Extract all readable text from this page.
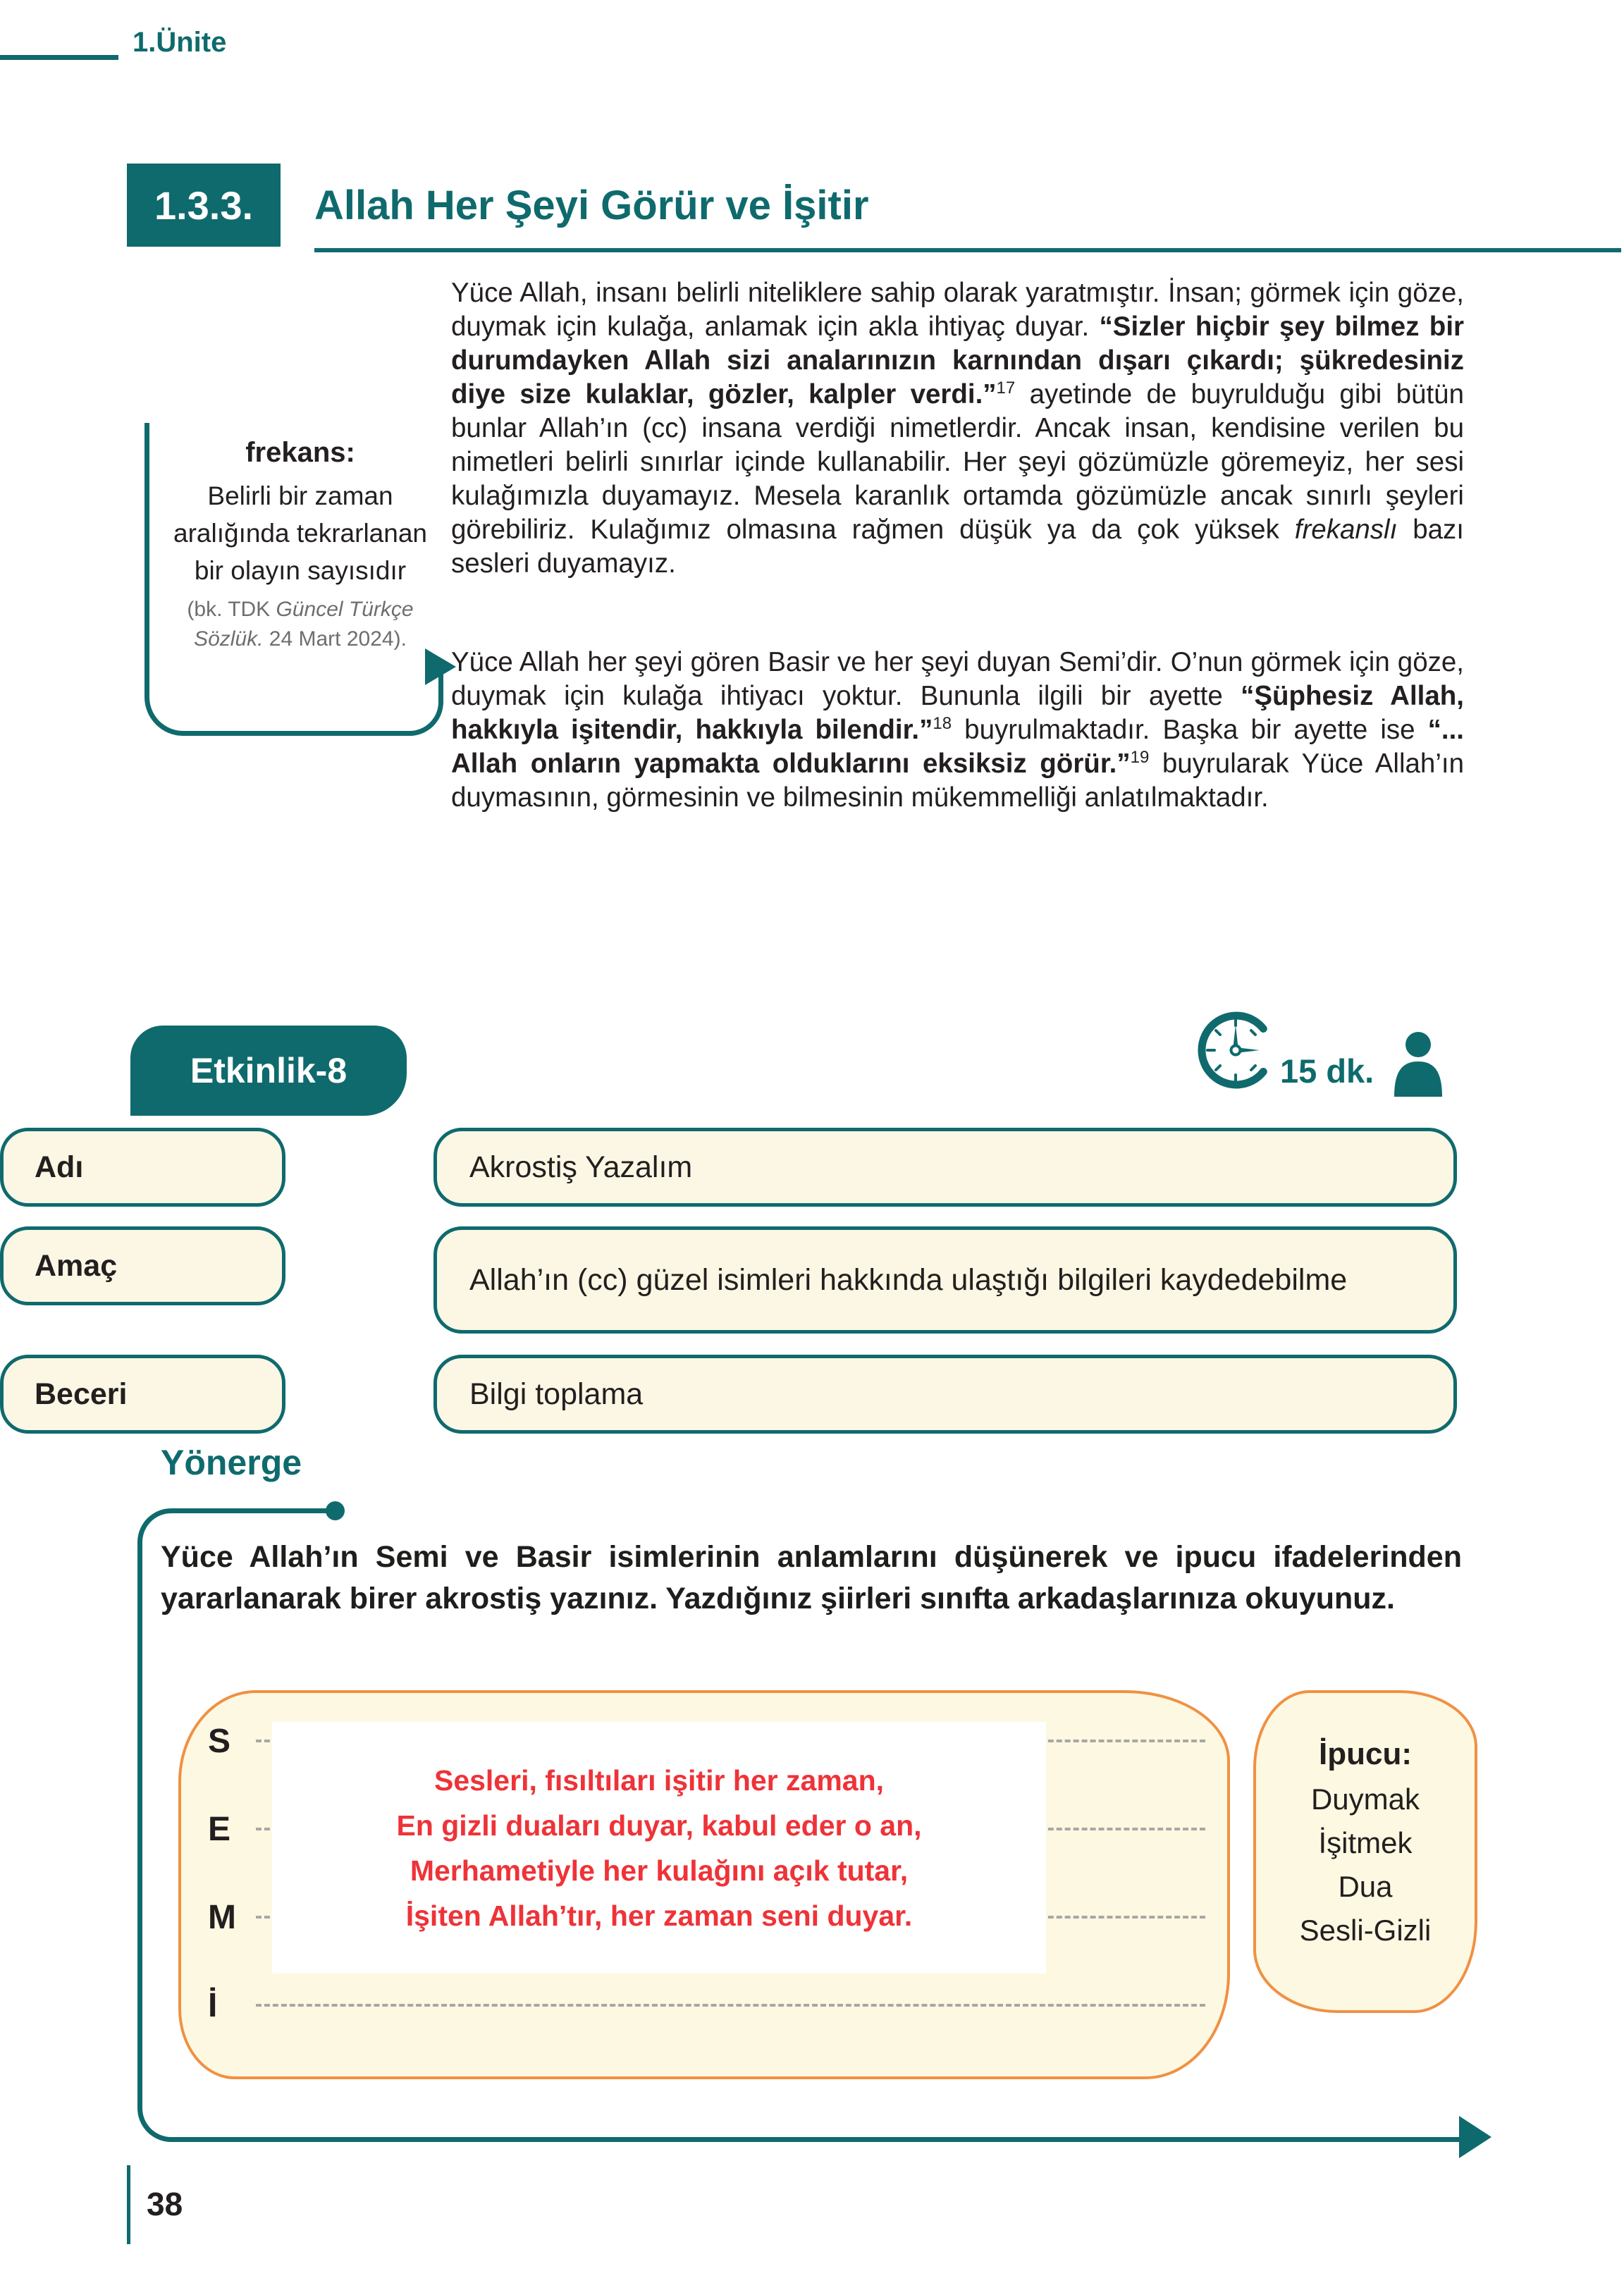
1.Ünite
1.3.3.	Allah Her Şeyi Görür ve İşitir
frekans:
Belirli bir zaman aralığında tekrarlanan bir olayın sayısıdır
(bk. TDK Güncel Türkçe Sözlük. 24 Mart 2024).

Yüce Allah, insanı belirli niteliklere sahip olarak yaratmıştır. İnsan; görmek için göze, duymak için kulağa, anlamak için akla ihtiyaç duyar. “Sizler hiçbir şey bilmez bir durumdayken Allah sizi analarınızın karnından dışarı çıkardı; şükredesiniz diye size kulaklar, gözler, kalpler verdi.”$^{17}$ ayetinde de buyrulduğu gibi bütün bunlar Allah’ın (cc) insana verdiği nimetlerdir. Ancak insan, kendisine verilen bu nimetleri belirli sınırlar içinde kullanabilir. Her şeyi gözümüzle göremeyiz, her sesi kulağımızla duyamayız. Mesela karanlık ortamda gözümüzle ancak sınırlı şeyleri görebiliriz. Kulağımız olmasına rağmen düşük ya da çok yüksek frekanslı bazı sesleri duyamayız.

Yüce Allah her şeyi gören Basir ve her şeyi duyan Semi’dir. O’nun görmek için göze, duymak için kulağa ihtiyacı yoktur. Bununla ilgili bir ayette “Şüphesiz Allah, hakkıyla işitendir, hakkıyla bilendir.”$^{18}$ buyrulmaktadır. Başka bir ayette ise “... Allah onların yapmakta olduklarını eksiksiz görür.”$^{19}$ buyrularak Yüce Allah’ın duymasının, görmesinin ve bilmesinin mükemmelliği anlatılmaktadır.

Etkinlik-8	15 dk.
Adı	Akrostiş Yazalım
Amaç	Allah’ın (cc) güzel isimleri hakkında ulaştığı bilgileri kaydedebilme
Beceri	Bilgi toplama
Yönerge
Yüce Allah’ın Semi ve Basir isimlerinin anlamlarını düşünerek ve ipucu ifadelerinden yararlanarak birer akrostiş yazınız. Yazdığınız şiirleri sınıfta arkadaşlarınıza okuyunuz.
S
E
M
İ
Sesleri, fısıltıları işitir her zaman,
En gizli duaları duyar, kabul eder o an,
Merhametiyle her kulağını açık tutar,
İşiten Allah’tır, her zaman seni duyar.
İpucu:
Duymak
İşitmek
Dua
Sesli-Gizli
38
